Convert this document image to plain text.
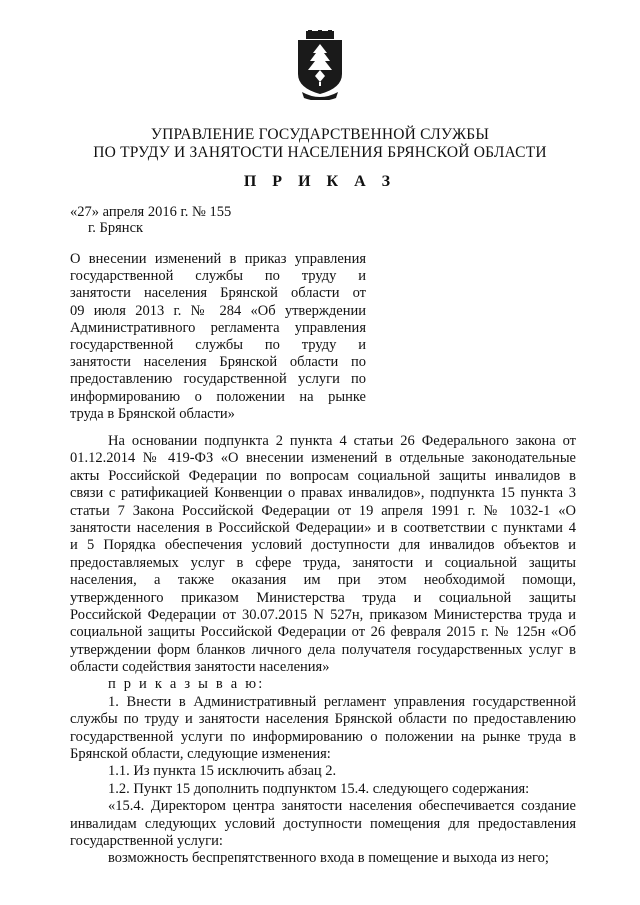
УПРАВЛЕНИЕ ГОСУДАРСТВЕННОЙ СЛУЖБЫ
ПО ТРУДУ И ЗАНЯТОСТИ НАСЕЛЕНИЯ БРЯНСКОЙ ОБЛАСТИ
П Р И К А З
«27» апреля 2016 г. № 155
г. Брянск
О внесении изменений в приказ управления
государственной службы по труду и
занятости населения Брянской области от
09 июля 2013 г. № 284 «Об утверждении
Административного регламента управления
государственной службы по труду и
занятости населения Брянской области по
предоставлению государственной услуги по
информированию о положении на рынке
труда в Брянской области»
На основании подпункта 2 пункта 4 статьи 26 Федерального закона от
01.12.2014 № 419-ФЗ «О внесении изменений в отдельные законодательные
акты Российской Федерации по вопросам социальной защиты инвалидов в
связи с ратификацией Конвенции о правах инвалидов», подпункта 15 пункта 3
статьи 7 Закона Российской Федерации от 19 апреля 1991 г. № 1032-1 «О
занятости населения в Российской Федерации» и в соответствии с пунктами 4
и 5 Порядка обеспечения условий доступности для инвалидов объектов и
предоставляемых услуг в сфере труда, занятости и социальной защиты
населения, а также оказания им при этом необходимой помощи,
утвержденного приказом Министерства труда и социальной защиты
Российской Федерации от 30.07.2015 N 527н, приказом Министерства труда и
социальной защиты Российской Федерации от 26 февраля 2015 г. № 125н «Об
утверждении форм бланков личного дела получателя государственных услуг в
области содействия занятости населения»
п р и к а з ы в а ю:
1. Внести в Административный регламент управления государственной
службы по труду и занятости населения Брянской области по предоставлению
государственной услуги по информированию о положении на рынке труда в
Брянской области, следующие изменения:
1.1. Из пункта 15 исключить абзац 2.
1.2. Пункт 15 дополнить подпунктом 15.4. следующего содержания:
«15.4. Директором центра занятости населения обеспечивается создание
инвалидам следующих условий доступности помещения для предоставления
государственной услуги:
возможность беспрепятственного входа в помещение и выхода из него;
